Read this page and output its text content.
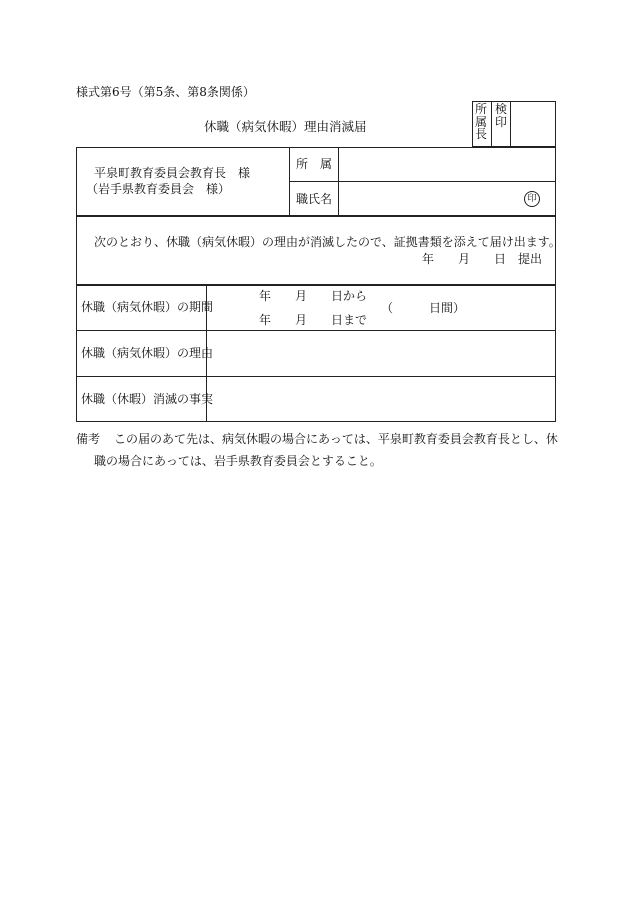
様式第6号（第5条、第8条関係）
休職（病気休暇）理由消滅届
所属長
検印
平泉町教育委員会教育長　様
（岩手県教育委員会　様）
所　属
職氏名	印
次のとおり、休職（病気休暇）の理由が消滅したので、証拠書類を添えて届け出ます。
年　　月　　日　提出
休職（病気休暇）の期間
年　　月　　日から
年　　月　　日まで
（　　　日間）
休職（病気休暇）の理由
休職（休暇）消滅の事実
備考 この届のあて先は、病気休暇の場合にあっては、平泉町教育委員会教育長とし、休
職の場合にあっては、岩手県教育委員会とすること。
